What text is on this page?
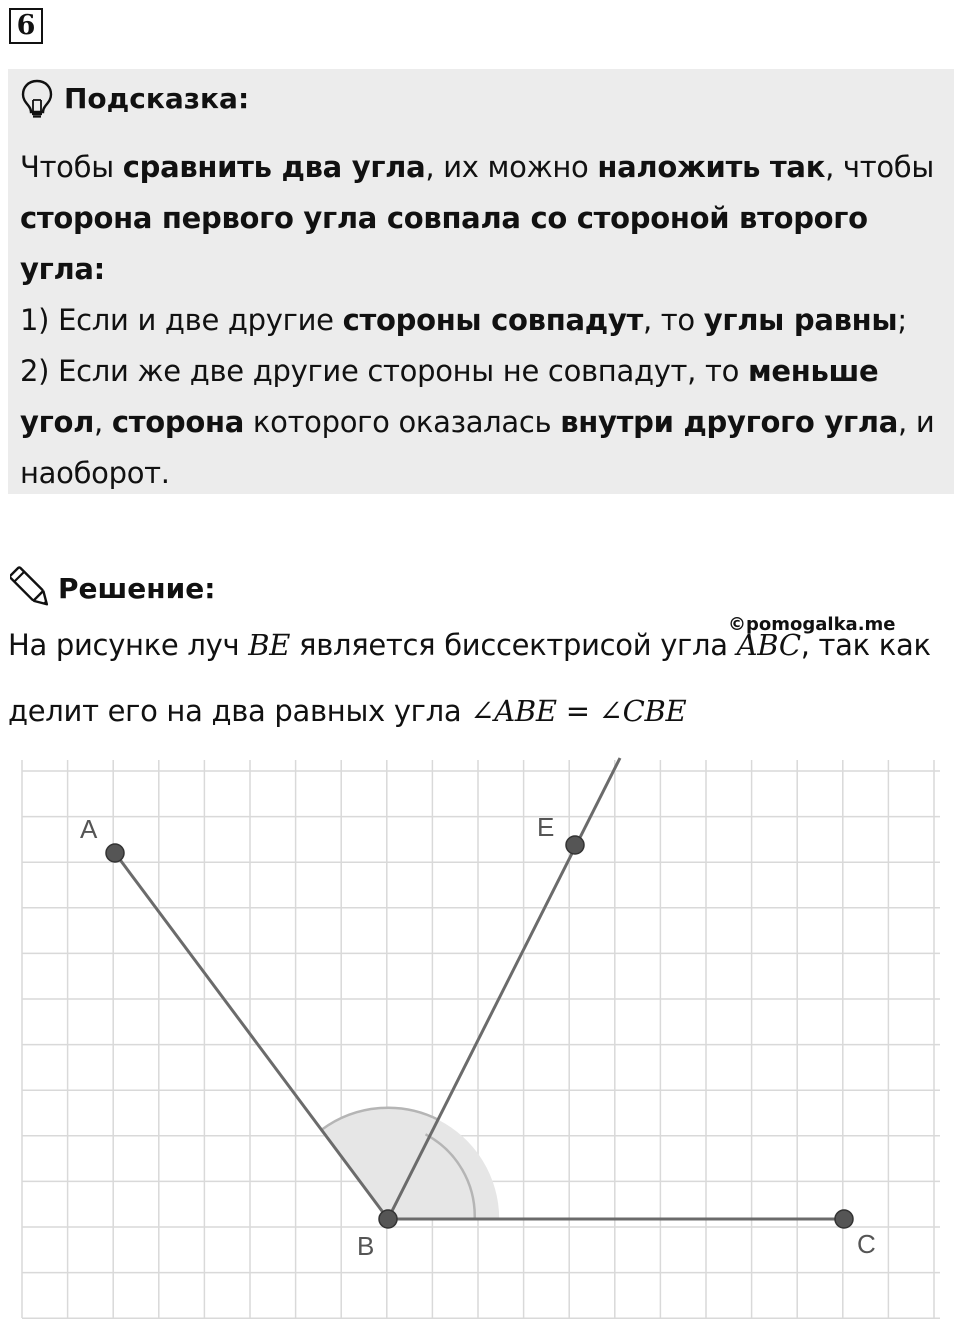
6
Подсказка:

Чтобы сравнить два угла, их можно наложить так, чтобы сторона первого угла совпала со стороной второго угла:

1) Если и две другие стороны совпадут, то углы равны;

2) Если же две другие стороны не совпадут, то меньше угол, сторона которого оказалась внутри другого угла, и наоборот.

Решение:
©pomogalka.me
На рисунке луч BE является биссектрисой угла ABC, так как
делит его на два равных угла ∠ABE = ∠CBE
A	E
B	C
